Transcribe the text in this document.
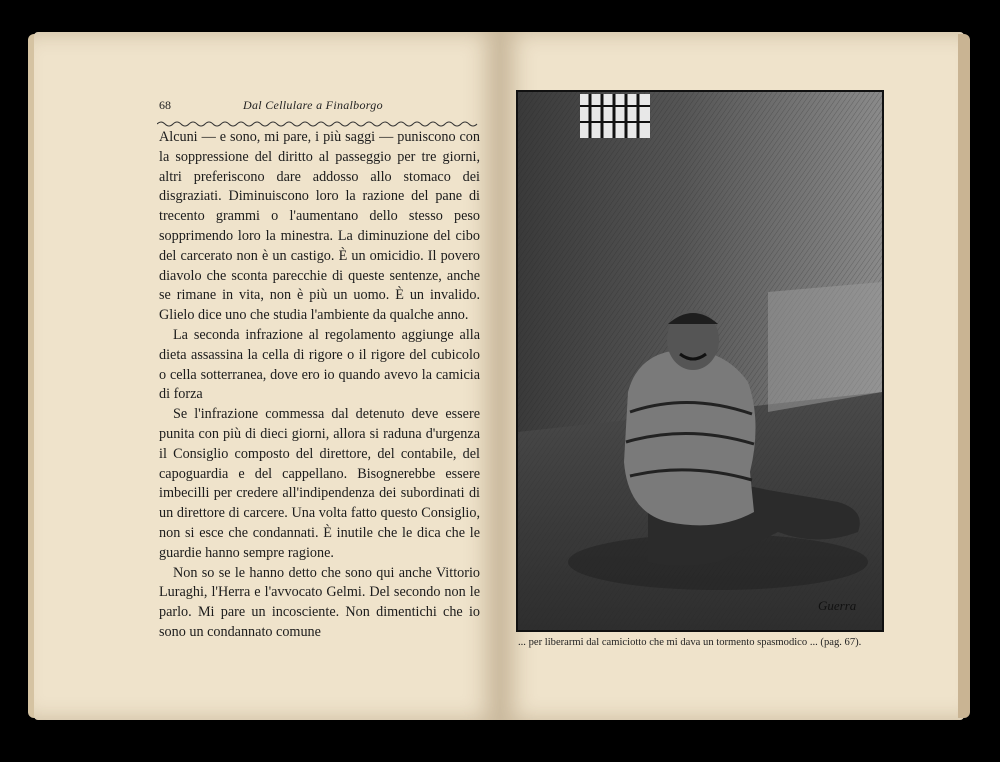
68	Dal Cellulare a Finalborgo

Alcuni — e sono, mi pare, i più saggi — puniscono con la soppressione del diritto al passeggio per tre giorni, altri preferiscono dare addosso allo stomaco dei disgraziati. Diminuiscono loro la razione del pane di trecento grammi o l'aumentano dello stesso peso sopprimendo loro la minestra. La diminuzione del cibo del carcerato non è un castigo. È un omicidio. Il povero diavolo che sconta parecchie di queste sentenze, anche se rimane in vita, non è più un uomo. È un invalido. Glielo dice uno che studia l'ambiente da qualche anno.

La seconda infrazione al regolamento aggiunge alla dieta assassina la cella di rigore o il rigore del cubicolo o cella sotterranea, dove ero io quando avevo la camicia di forza

Se l'infrazione commessa dal detenuto deve essere punita con più di dieci giorni, allora si raduna d'urgenza il Consiglio composto del direttore, del contabile, del capoguardia e del cappellano. Bisognerebbe essere imbecilli per credere all'indipendenza dei subordinati di un direttore di carcere. Una volta fatto questo Consiglio, non si esce che condannati. È inutile che le dica che le guardie hanno sempre ragione.

Non so se le hanno detto che sono qui anche Vittorio Luraghi, l'Herra e l'avvocato Gelmi. Del secondo non le parlo. Mi pare un incosciente. Non dimentichi che io sono un condannato comune

Guerra
... per liberarmi dal camiciotto che mi dava un tormento spasmodico ... (pag. 67).
